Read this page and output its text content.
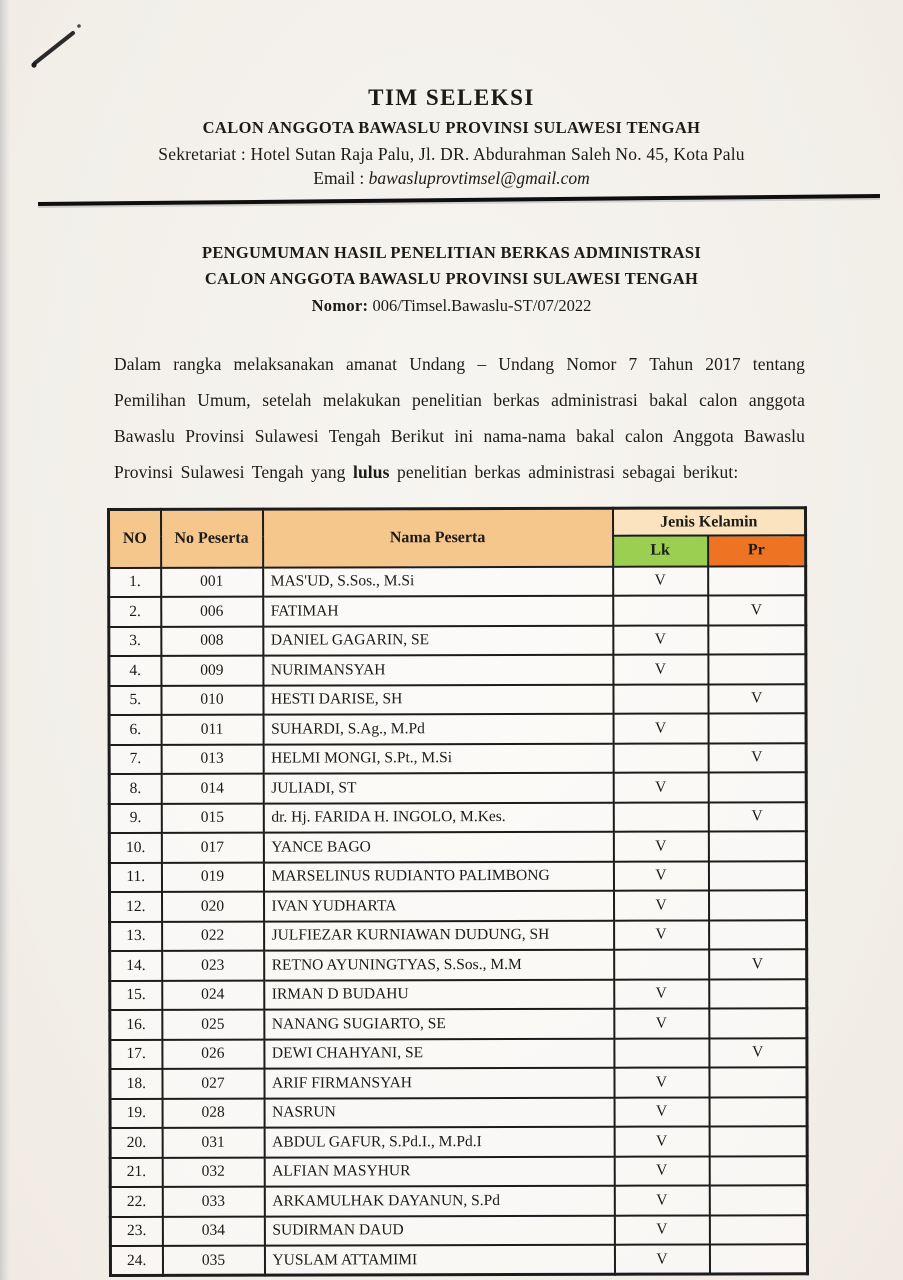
TIM SELEKSI
CALON ANGGOTA BAWASLU PROVINSI SULAWESI TENGAH
Sekretariat : Hotel Sutan Raja Palu, Jl. DR. Abdurahman Saleh No. 45, Kota Palu
Email : bawasluprovtimsel@gmail.com
PENGUMUMAN HASIL PENELITIAN BERKAS ADMINISTRASI
CALON ANGGOTA BAWASLU PROVINSI SULAWESI TENGAH
Nomor: 006/Timsel.Bawaslu-ST/07/2022

Dalam rangka melaksanakan amanat Undang – Undang Nomor 7 Tahun 2017 tentang Pemilihan Umum, setelah melakukan penelitian berkas administrasi bakal calon anggota Bawaslu Provinsi Sulawesi Tengah Berikut ini nama-nama bakal calon Anggota Bawaslu Provinsi Sulawesi Tengah yang lulus penelitian berkas administrasi sebagai berikut:

NO	No Peserta	Nama Peserta	Jenis Kelamin	
			Lk	Pr
1.	001	MAS'UD, S.Sos., M.Si	V	
2.	006	FATIMAH		V
3.	008	DANIEL GAGARIN, SE	V	
4.	009	NURIMANSYAH	V	
5.	010	HESTI DARISE, SH		V
6.	011	SUHARDI, S.Ag., M.Pd	V	
7.	013	HELMI MONGI, S.Pt., M.Si		V
8.	014	JULIADI, ST	V	
9.	015	dr. Hj. FARIDA H. INGOLO, M.Kes.		V
10.	017	YANCE BAGO	V	
11.	019	MARSELINUS RUDIANTO PALIMBONG	V	
12.	020	IVAN YUDHARTA	V	
13.	022	JULFIEZAR KURNIAWAN DUDUNG, SH	V	
14.	023	RETNO AYUNINGTYAS, S.Sos., M.M		V
15.	024	IRMAN D BUDAHU	V	
16.	025	NANANG SUGIARTO, SE	V	
17.	026	DEWI CHAHYANI, SE		V
18.	027	ARIF FIRMANSYAH	V	
19.	028	NASRUN	V	
20.	031	ABDUL GAFUR, S.Pd.I., M.Pd.I	V	
21.	032	ALFIAN MASYHUR	V	
22.	033	ARKAMULHAK DAYANUN, S.Pd	V	
23.	034	SUDIRMAN DAUD	V	
24.	035	YUSLAM ATTAMIMI	V	
